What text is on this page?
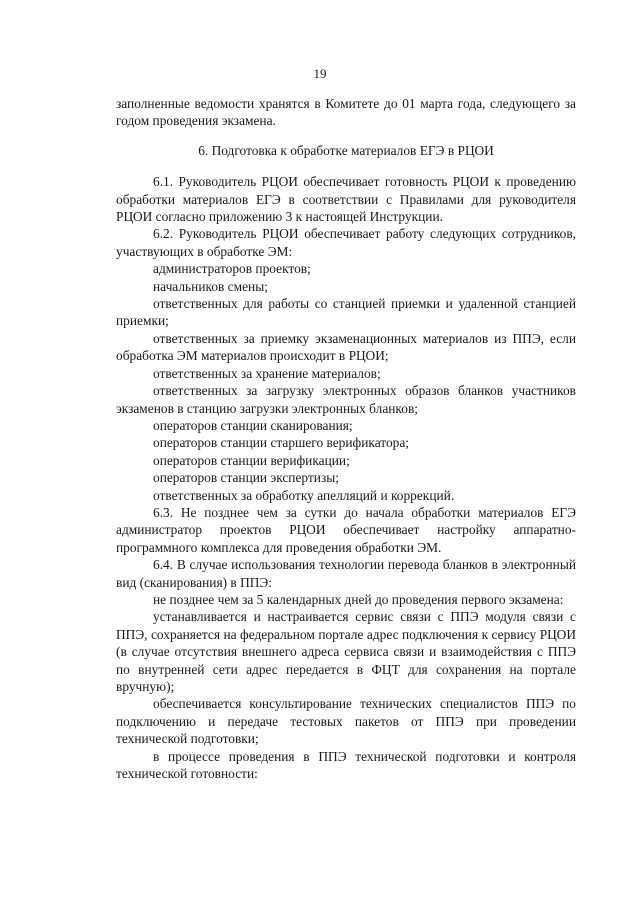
19

заполненные ведомости хранятся в Комитете до 01 марта года, следующего за годом проведения экзамена.

6. Подготовка к обработке материалов ЕГЭ в РЦОИ

6.1. Руководитель РЦОИ обеспечивает готовность РЦОИ к проведению обработки материалов ЕГЭ в соответствии с Правилами для руководителя РЦОИ согласно приложению 3 к настоящей Инструкции.

6.2. Руководитель РЦОИ обеспечивает работу следующих сотрудников, участвующих в обработке ЭМ:

администраторов проектов;

начальников смены;

ответственных для работы со станцией приемки и удаленной станцией приемки;

ответственных за приемку экзаменационных материалов из ППЭ, если обработка ЭМ материалов происходит в РЦОИ;

ответственных за хранение материалов;

ответственных за загрузку электронных образов бланков участников экзаменов в станцию загрузки электронных бланков;

операторов станции сканирования;

операторов станции старшего верификатора;

операторов станции верификации;

операторов станции экспертизы;

ответственных за обработку апелляций и коррекций.

6.3. Не позднее чем за сутки до начала обработки материалов ЕГЭ администратор проектов РЦОИ обеспечивает настройку аппаратно-программного комплекса для проведения обработки ЭМ.

6.4. В случае использования технологии перевода бланков в электронный вид (сканирования) в ППЭ:

не позднее чем за 5 календарных дней до проведения первого экзамена:

устанавливается и настраивается сервис связи с ППЭ модуля связи с ППЭ, сохраняется на федеральном портале адрес подключения к сервису РЦОИ (в случае отсутствия внешнего адреса сервиса связи и взаимодействия с ППЭ по внутренней сети адрес передается в ФЦТ для сохранения на портале вручную);

обеспечивается консультирование технических специалистов ППЭ по подключению и передаче тестовых пакетов от ППЭ при проведении технической подготовки;

в процессе проведения в ППЭ технической подготовки и контроля технической готовности:
